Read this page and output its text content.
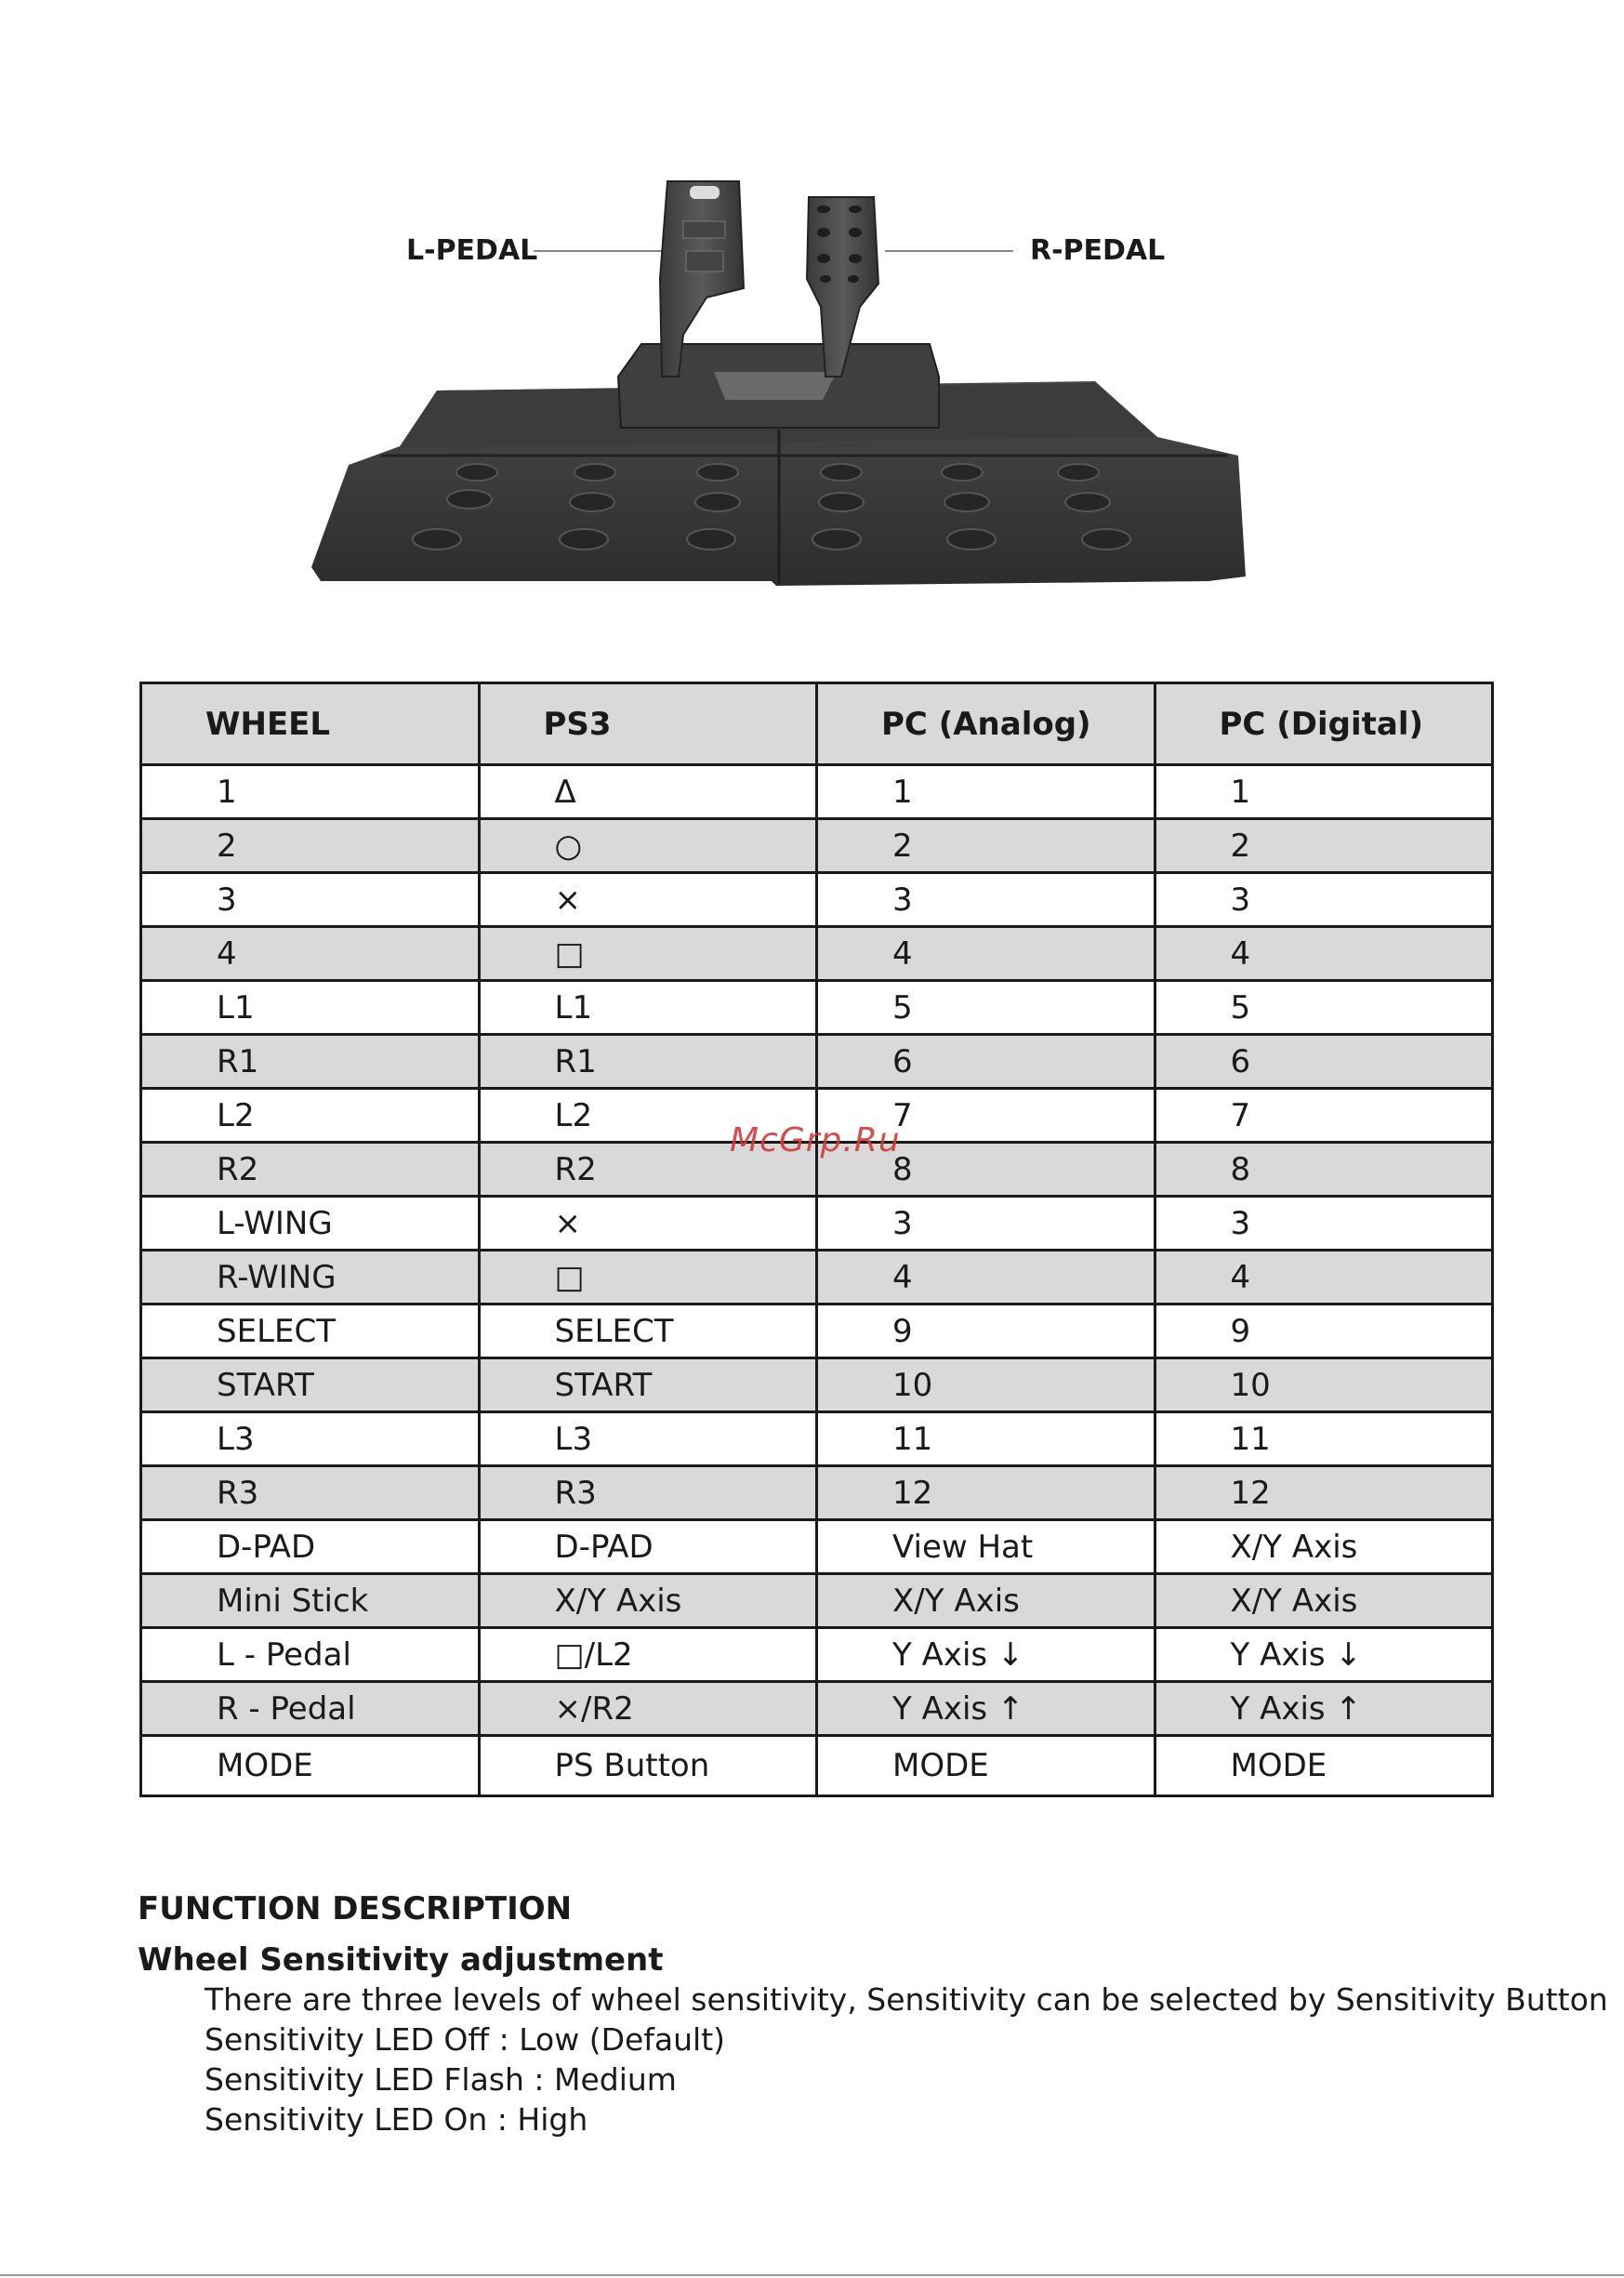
L-PEDAL	R-PEDAL
WHEEL	PS3	PC (Analog)	PC (Digital)
1	Δ	1	1
2	○	2	2
3	×	3	3
4	□	4	4
L1	L1	5	5
R1	R1	6	6
L2	L2	7	7
R2	R2	8	8
L-WING	×	3	3
R-WING	□	4	4
SELECT	SELECT	9	9
START	START	10	10
L3	L3	11	11
R3	R3	12	12
D-PAD	D-PAD	View Hat	X/Y Axis
Mini Stick	X/Y Axis	X/Y Axis	X/Y Axis
L - Pedal	□/L2	Y Axis ↓	Y Axis ↓
R - Pedal	×/R2	Y Axis ↑	Y Axis ↑
MODE	PS Button	MODE	MODE
McGrp.Ru
FUNCTION DESCRIPTION
Wheel Sensitivity adjustment
There are three levels of wheel sensitivity, Sensitivity can be selected by Sensitivity Button
Sensitivity LED Off : Low (Default)
Sensitivity LED Flash : Medium
Sensitivity LED On : High
